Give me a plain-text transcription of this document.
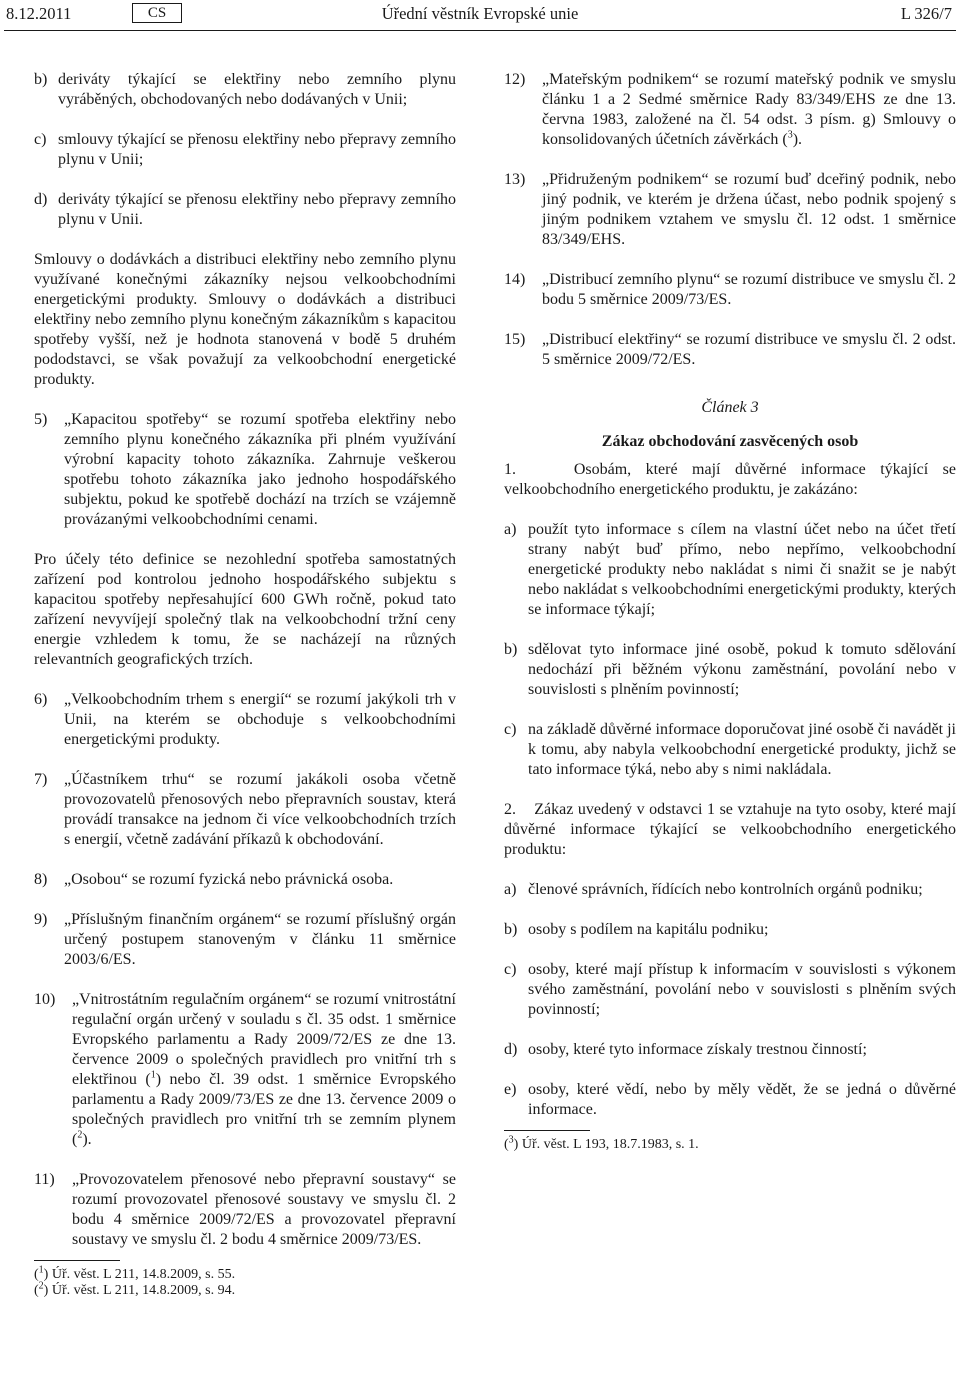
8.12.2011	CS	Úřední věstník Evropské unie	L 326/7
b) deriváty týkající se elektřiny nebo zemního plynu vyráběných, obchodovaných nebo dodávaných v Unii;
c) smlouvy týkající se přenosu elektřiny nebo přepravy zemního plynu v Unii;
d) deriváty týkající se přenosu elektřiny nebo přepravy zemního plynu v Unii.

Smlouvy o dodávkách a distribuci elektřiny nebo zemního plynu využívané konečnými zákazníky nejsou velkoobchodními energetickými produkty. Smlouvy o dodávkách a distribuci elektřiny nebo zemního plynu konečným zákazníkům s kapacitou spotřeby vyšší, než je hodnota stanovená v bodě 5 druhém pododstavci, se však považují za velkoobchodní energetické produkty.

5)	„Kapacitou spotřeby“ se rozumí spotřeba elektřiny nebo zemního plynu konečného zákazníka při plném využívání výrobní kapacity tohoto zákazníka. Zahrnuje veškerou spotřebu tohoto zákazníka jako jednoho hospodářského subjektu, pokud ke spotřebě dochází na trzích se vzájemně provázanými velkoobchodními cenami.

Pro účely této definice se nezohlední spotřeba samostatných zařízení pod kontrolou jednoho hospodářského subjektu s kapacitou spotřeby nepřesahující 600 GWh ročně, pokud tato zařízení nevyvíjejí společný tlak na velkoobchodní tržní ceny energie vzhledem k tomu, že se nacházejí na různých relevantních geografických trzích.

6)	„Velkoobchodním trhem s energií“ se rozumí jakýkoli trh v Unii, na kterém se obchoduje s velkoobchodními energetickými produkty.
7)	„Účastníkem trhu“ se rozumí jakákoli osoba včetně provozovatelů přenosových nebo přepravních soustav, která provádí transakce na jednom či více velkoobchodních trzích s energií, včetně zadávání příkazů k obchodování.
8)	„Osobou“ se rozumí fyzická nebo právnická osoba.
9)	„Příslušným finančním orgánem“ se rozumí příslušný orgán určený postupem stanoveným v článku 11 směrnice 2003/6/ES.
10)	„Vnitrostátním regulačním orgánem“ se rozumí vnitrostátní regulační orgán určený v souladu s čl. 35 odst. 1 směrnice Evropského parlamentu a Rady 2009/72/ES ze dne 13. července 2009 o společných pravidlech pro vnitřní trh s elektřinou ($^1$) nebo čl. 39 odst. 1 směrnice Evropského parlamentu a Rady 2009/73/ES ze dne 13. července 2009 o společných pravidlech pro vnitřní trh se zemním plynem ($^2$).
11)	„Provozovatelem přenosové nebo přepravní soustavy“ se rozumí provozovatel přenosové soustavy ve smyslu čl. 2 bodu 4 směrnice 2009/72/ES a provozovatel přepravní soustavy ve smyslu čl. 2 bodu 4 směrnice 2009/73/ES.

($^1$) Úř. věst. L 211, 14.8.2009, s. 55.

($^2$) Úř. věst. L 211, 14.8.2009, s. 94.

12)	„Mateřským podnikem“ se rozumí mateřský podnik ve smyslu článku 1 a 2 Sedmé směrnice Rady 83/349/EHS ze dne 13. června 1983, založené na čl. 54 odst. 3 písm. g) Smlouvy o konsolidovaných účetních závěrkách ($^3$).
13)	„Přidruženým podnikem“ se rozumí buď dceřiný podnik, nebo jiný podnik, ve kterém je držena účast, nebo podnik spojený s jiným podnikem vztahem ve smyslu čl. 12 odst. 1 směrnice 83/349/EHS.
14)	„Distribucí zemního plynu“ se rozumí distribuce ve smyslu čl. 2 bodu 5 směrnice 2009/73/ES.
15)	„Distribucí elektřiny“ se rozumí distribuce ve smyslu čl. 2 odst. 5 směrnice 2009/72/ES.

Článek 3

Zákaz obchodování zasvěcených osob

1.	Osobám, které mají důvěrné informace týkající se velkoobchodního energetického produktu, je zakázáno:

a) použít tyto informace s cílem na vlastní účet nebo na účet třetí strany nabýt buď přímo, nebo nepřímo, velkoobchodní energetické produkty nebo nakládat s nimi či snažit se je nabýt nebo nakládat s velkoobchodními energetickými produkty, kterých se informace týkají;
b) sdělovat tyto informace jiné osobě, pokud k tomuto sdělování nedochází při běžném výkonu zaměstnání, povolání nebo v souvislosti s plněním povinností;
c) na základě důvěrné informace doporučovat jiné osobě či navádět ji k tomu, aby nabyla velkoobchodní energetické produkty, jichž se tato informace týká, nebo aby s nimi nakládala.

2. Zákaz uvedený v odstavci 1 se vztahuje na tyto osoby, které mají důvěrné informace týkající se velkoobchodního energetického produktu:

a) členové správních, řídících nebo kontrolních orgánů podniku;
b) osoby s podílem na kapitálu podniku;
c) osoby, které mají přístup k informacím v souvislosti s výkonem svého zaměstnání, povolání nebo v souvislosti s plněním svých povinností;
d) osoby, které tyto informace získaly trestnou činností;
e) osoby, které vědí, nebo by měly vědět, že se jedná o důvěrné informace.

($^3$) Úř. věst. L 193, 18.7.1983, s. 1.
